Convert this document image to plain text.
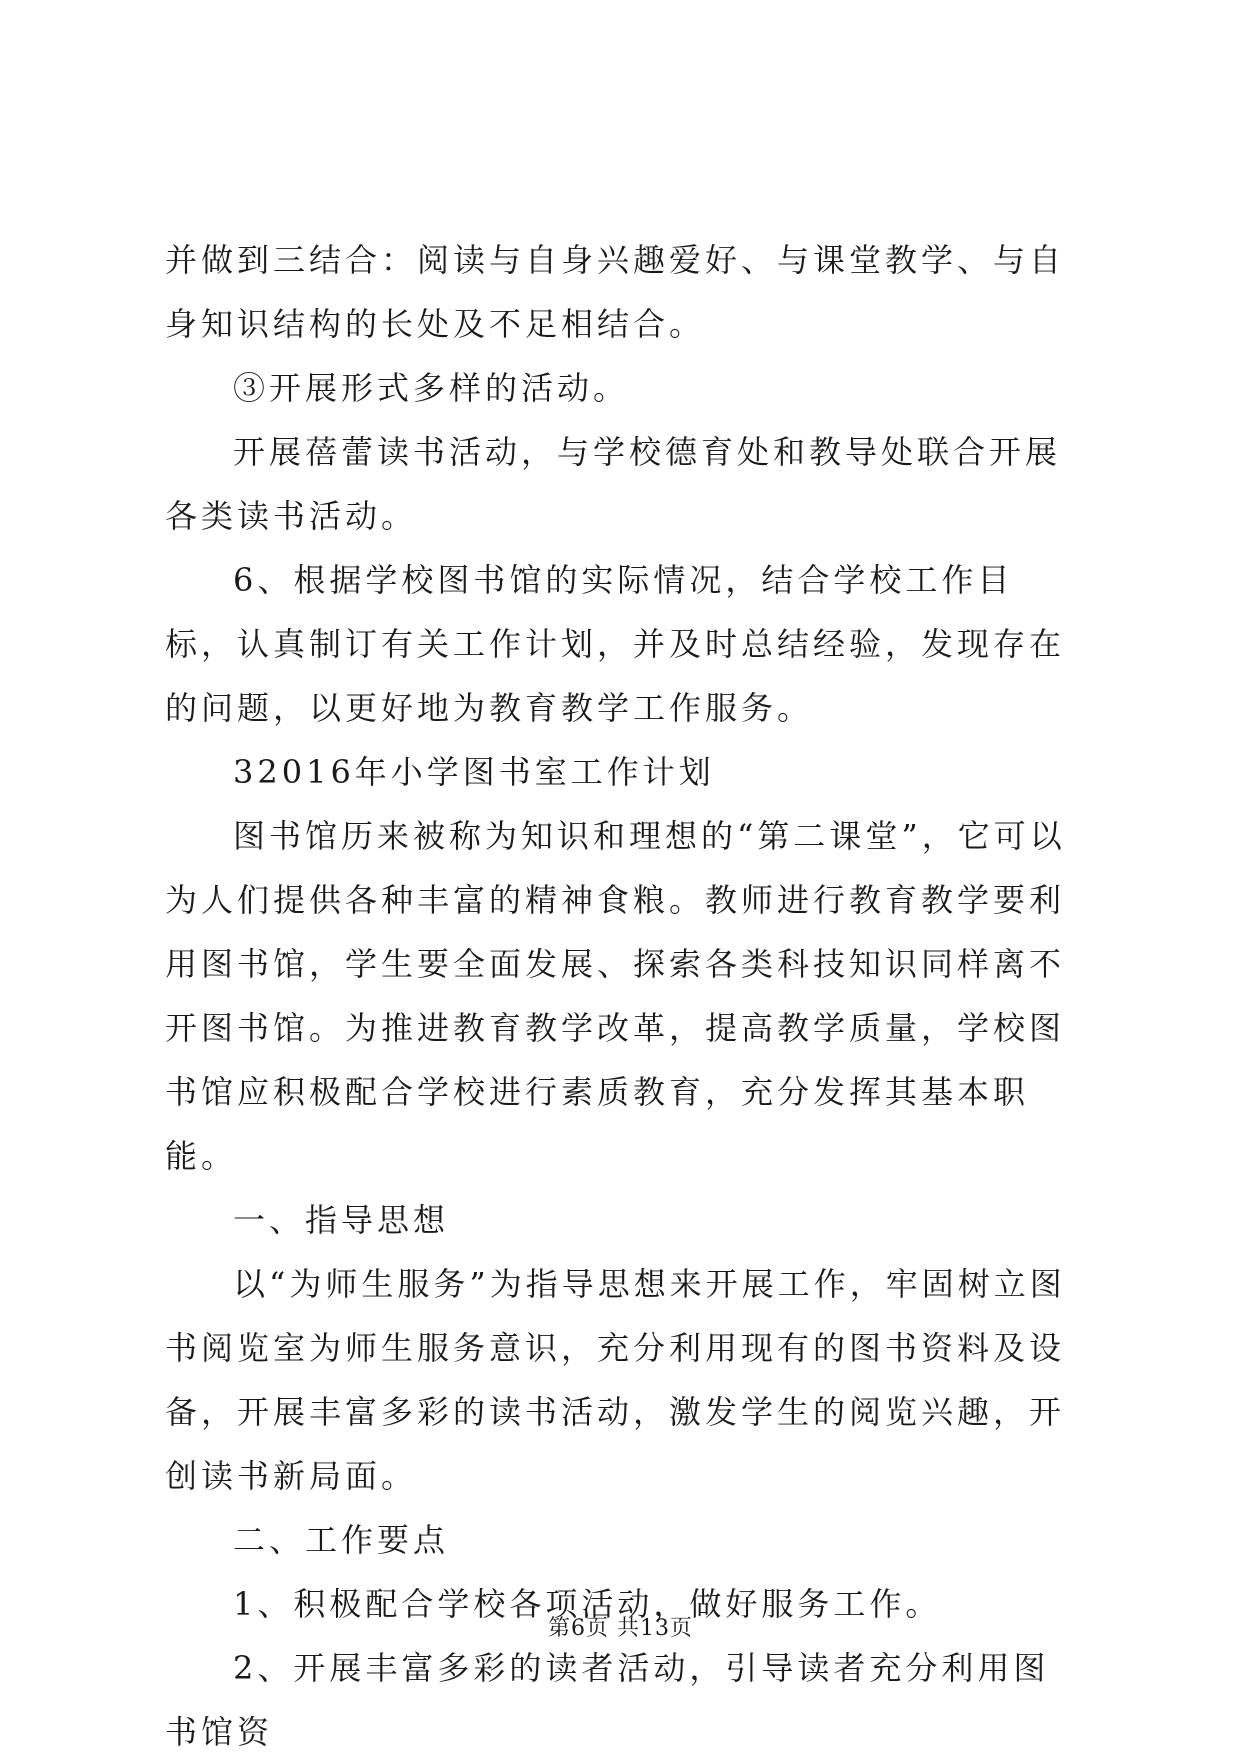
并做到三结合：阅读与自身兴趣爱好、与课堂教学、与自身知识结构的长处及不足相结合。

③开展形式多样的活动。

开展蓓蕾读书活动，与学校德育处和教导处联合开展各类读书活动。

6、根据学校图书馆的实际情况，结合学校工作目标，认真制订有关工作计划，并及时总结经验，发现存在的问题，以更好地为教育教学工作服务。

32016年小学图书室工作计划

图书馆历来被称为知识和理想的“第二课堂”，它可以为人们提供各种丰富的精神食粮。教师进行教育教学要利用图书馆，学生要全面发展、探索各类科技知识同样离不开图书馆。为推进教育教学改革，提高教学质量，学校图书馆应积极配合学校进行素质教育，充分发挥其基本职能。

一、指导思想

以“为师生服务”为指导思想来开展工作，牢固树立图书阅览室为师生服务意识，充分利用现有的图书资料及设备，开展丰富多彩的读书活动，激发学生的阅览兴趣，开创读书新局面。

二、工作要点

1、积极配合学校各项活动，做好服务工作。

2、开展丰富多彩的读者活动，引导读者充分利用图书馆资

第6页 共13页
